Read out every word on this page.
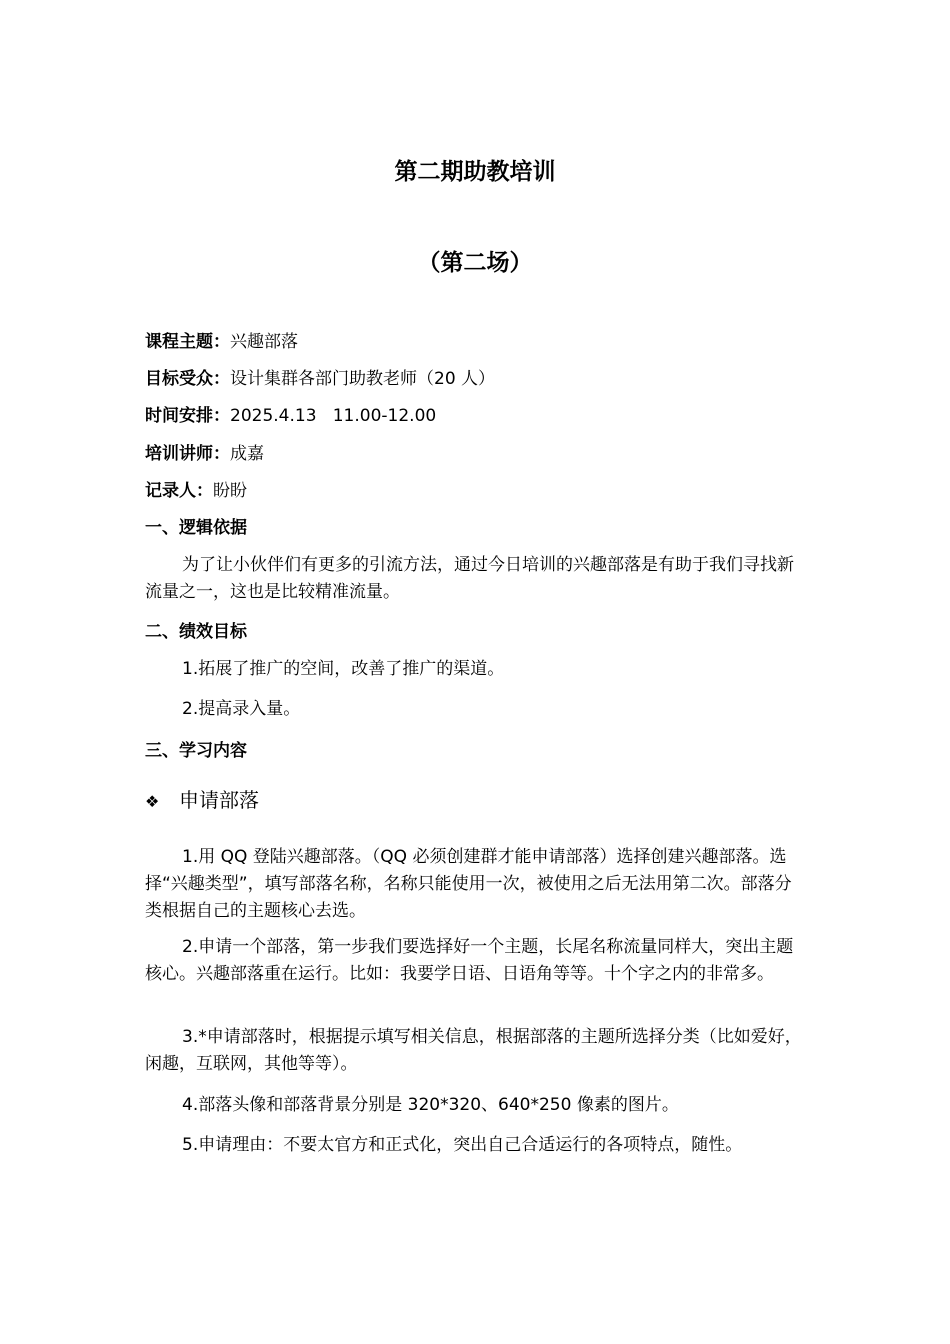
第二期助教培训
（第二场）
课程主题：兴趣部落
目标受众：设计集群各部门助教老师（20 人）
时间安排：2025.4.13   11.00-12.00
培训讲师：成嘉
记录人：盼盼
一、逻辑依据
为了让小伙伴们有更多的引流方法，通过今日培训的兴趣部落是有助于我们寻找新流量之一，这也是比较精准流量。
二、绩效目标
1.拓展了推广的空间，改善了推广的渠道。
2.提高录入量。
三、学习内容
❖ 申请部落
1.用 QQ 登陆兴趣部落。（QQ 必须创建群才能申请部落）选择创建兴趣部落。选择“兴趣类型”，填写部落名称，名称只能使用一次，被使用之后无法用第二次。部落分类根据自己的主题核心去选。
2.申请一个部落，第一步我们要选择好一个主题，长尾名称流量同样大，突出主题核心。兴趣部落重在运行。比如：我要学日语、日语角等等。十个字之内的非常多。
3.*申请部落时，根据提示填写相关信息，根据部落的主题所选择分类（比如爱好，闲趣，互联网，其他等等）。
4.部落头像和部落背景分别是 320*320、640*250 像素的图片。
5.申请理由：不要太官方和正式化，突出自己合适运行的各项特点，随性。
